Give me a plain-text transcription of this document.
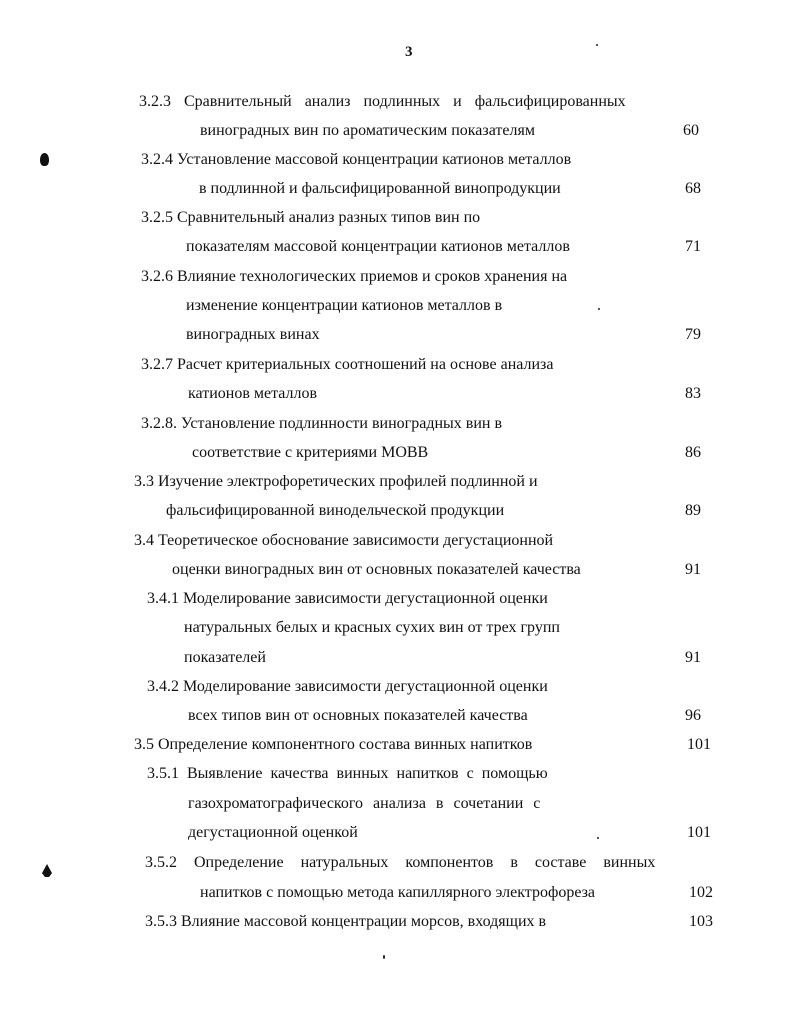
3
3.2.3 Сравнительный анализ подлинных и фальсифицированных
виноградных вин по ароматическим показателям	60
3.2.4 Установление массовой концентрации катионов металлов
в подлинной и фальсифицированной винопродукции	68
3.2.5 Сравнительный анализ разных типов вин по
показателям массовой концентрации катионов металлов	71
3.2.6 Влияние технологических приемов и сроков хранения на
изменение концентрации катионов металлов в
виноградных винах	79
3.2.7 Расчет критериальных соотношений на основе анализа
катионов металлов	83
3.2.8. Установление подлинности виноградных вин в
соответствие с критериями МОВВ	86
3.3 Изучение электрофоретических профилей подлинной и
фальсифицированной винодельческой продукции	89
3.4 Теоретическое обоснование зависимости дегустационной
оценки виноградных вин от основных показателей качества	91
3.4.1 Моделирование зависимости дегустационной оценки
натуральных белых и красных сухих вин от трех групп
показателей	91
3.4.2 Моделирование зависимости дегустационной оценки
всех типов вин от основных показателей качества	96
3.5 Определение компонентного состава винных напитков	101
3.5.1 Выявление качества винных напитков с помощью
газохроматографического анализа в сочетании с
дегустационной оценкой	101
3.5.2 Определение натуральных компонентов в составе винных
напитков с помощью метода капиллярного электрофореза	102
3.5.3 Влияние массовой концентрации морсов, входящих в	103
